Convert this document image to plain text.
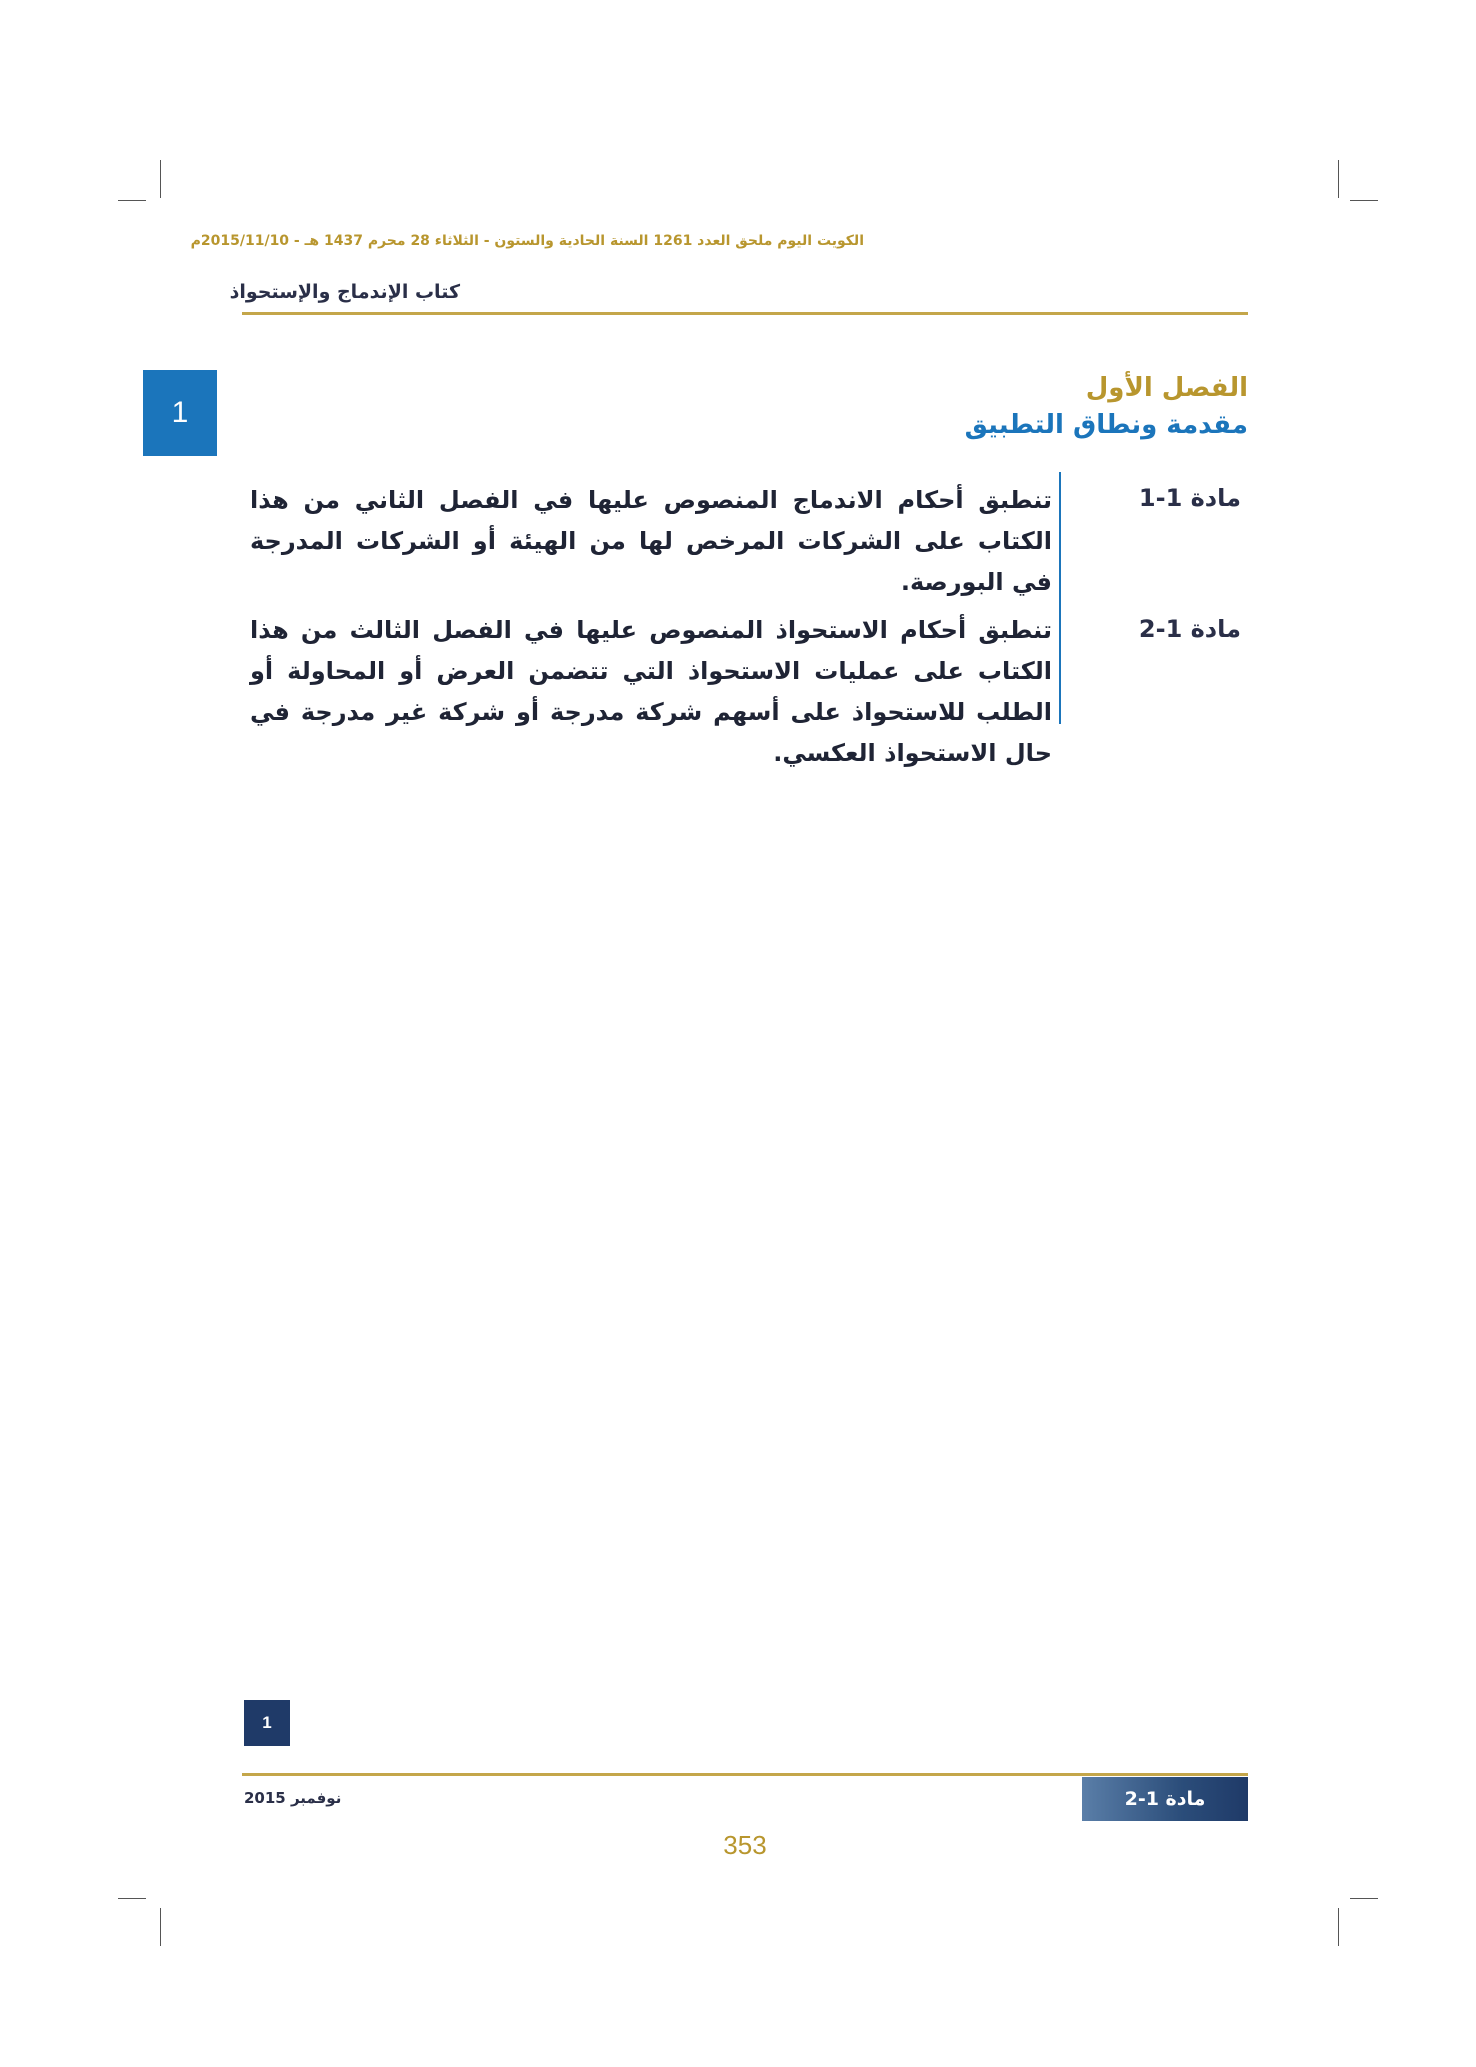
الكويت اليوم ملحق العدد 1261 السنة الحادية والستون - الثلاثاء 28 محرم 1437 هـ - 2015/11/10م
كتاب الإندماج والإستحواذ
1
الفصل الأول
مقدمة ونطاق التطبيق
مادة 1-1
تنطبق أحكام الاندماج المنصوص عليها في الفصل الثاني من هذا الكتاب على الشركات المرخص لها من الهيئة أو الشركات المدرجة في البورصة.
مادة 1-2
تنطبق أحكام الاستحواذ المنصوص عليها في الفصل الثالث من هذا الكتاب على عمليات الاستحواذ التي تتضمن العرض أو المحاولة أو الطلب للاستحواذ على أسهم شركة مدرجة أو شركة غير مدرجة في حال الاستحواذ العكسي.
1
نوفمبر 2015	مادة 1-2
353
